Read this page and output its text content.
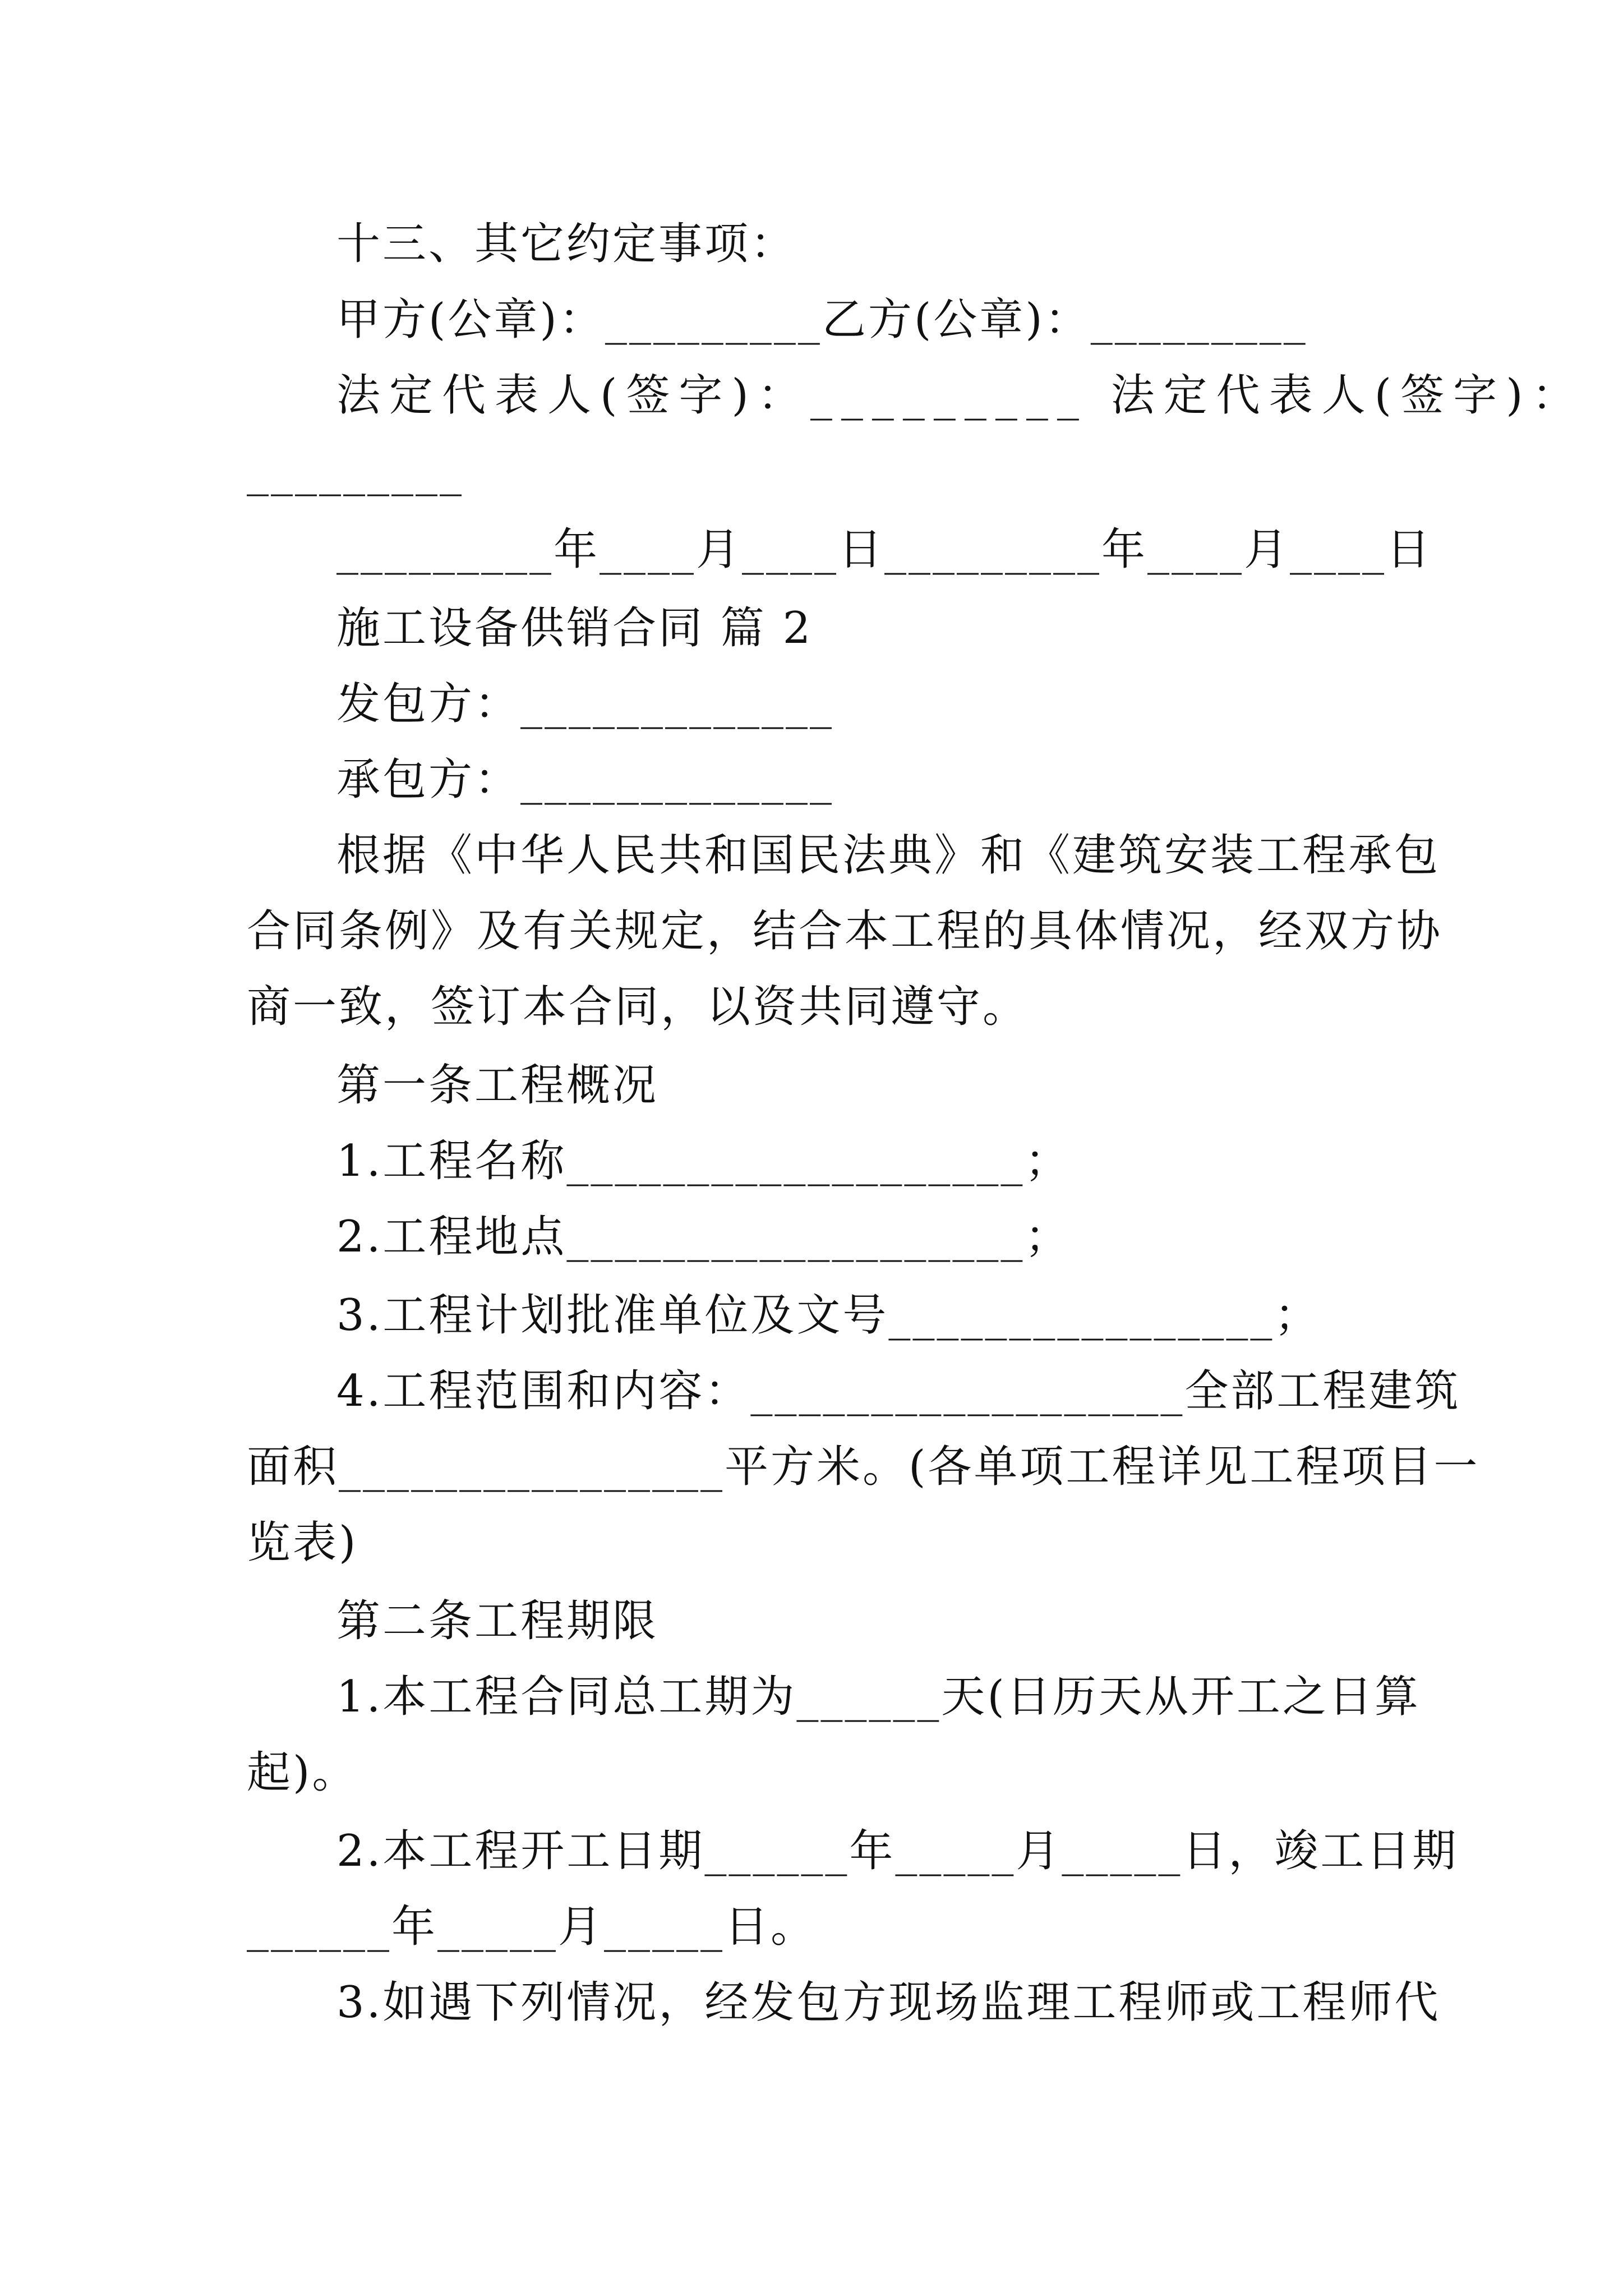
十三、其它约定事项：
甲方(公章)：_________乙方(公章)：_________
法定代表人(签字)：_________ 法定代表人(签字)：
_________
_________年____月____日_________年____月____日
施工设备供销合同 篇 2
发包方：_____________
承包方：_____________
根据《中华人民共和国民法典》和《建筑安装工程承包
合同条例》及有关规定，结合本工程的具体情况，经双方协
商一致，签订本合同，以资共同遵守。
第一条工程概况
1.工程名称___________________；
2.工程地点___________________；
3.工程计划批准单位及文号________________；
4.工程范围和内容：__________________全部工程建筑
面积________________平方米。(各单项工程详见工程项目一
览表)
第二条工程期限
1.本工程合同总工期为______天(日历天从开工之日算
起)。
2.本工程开工日期______年_____月_____日，竣工日期
______年_____月_____日。
3.如遇下列情况，经发包方现场监理工程师或工程师代
